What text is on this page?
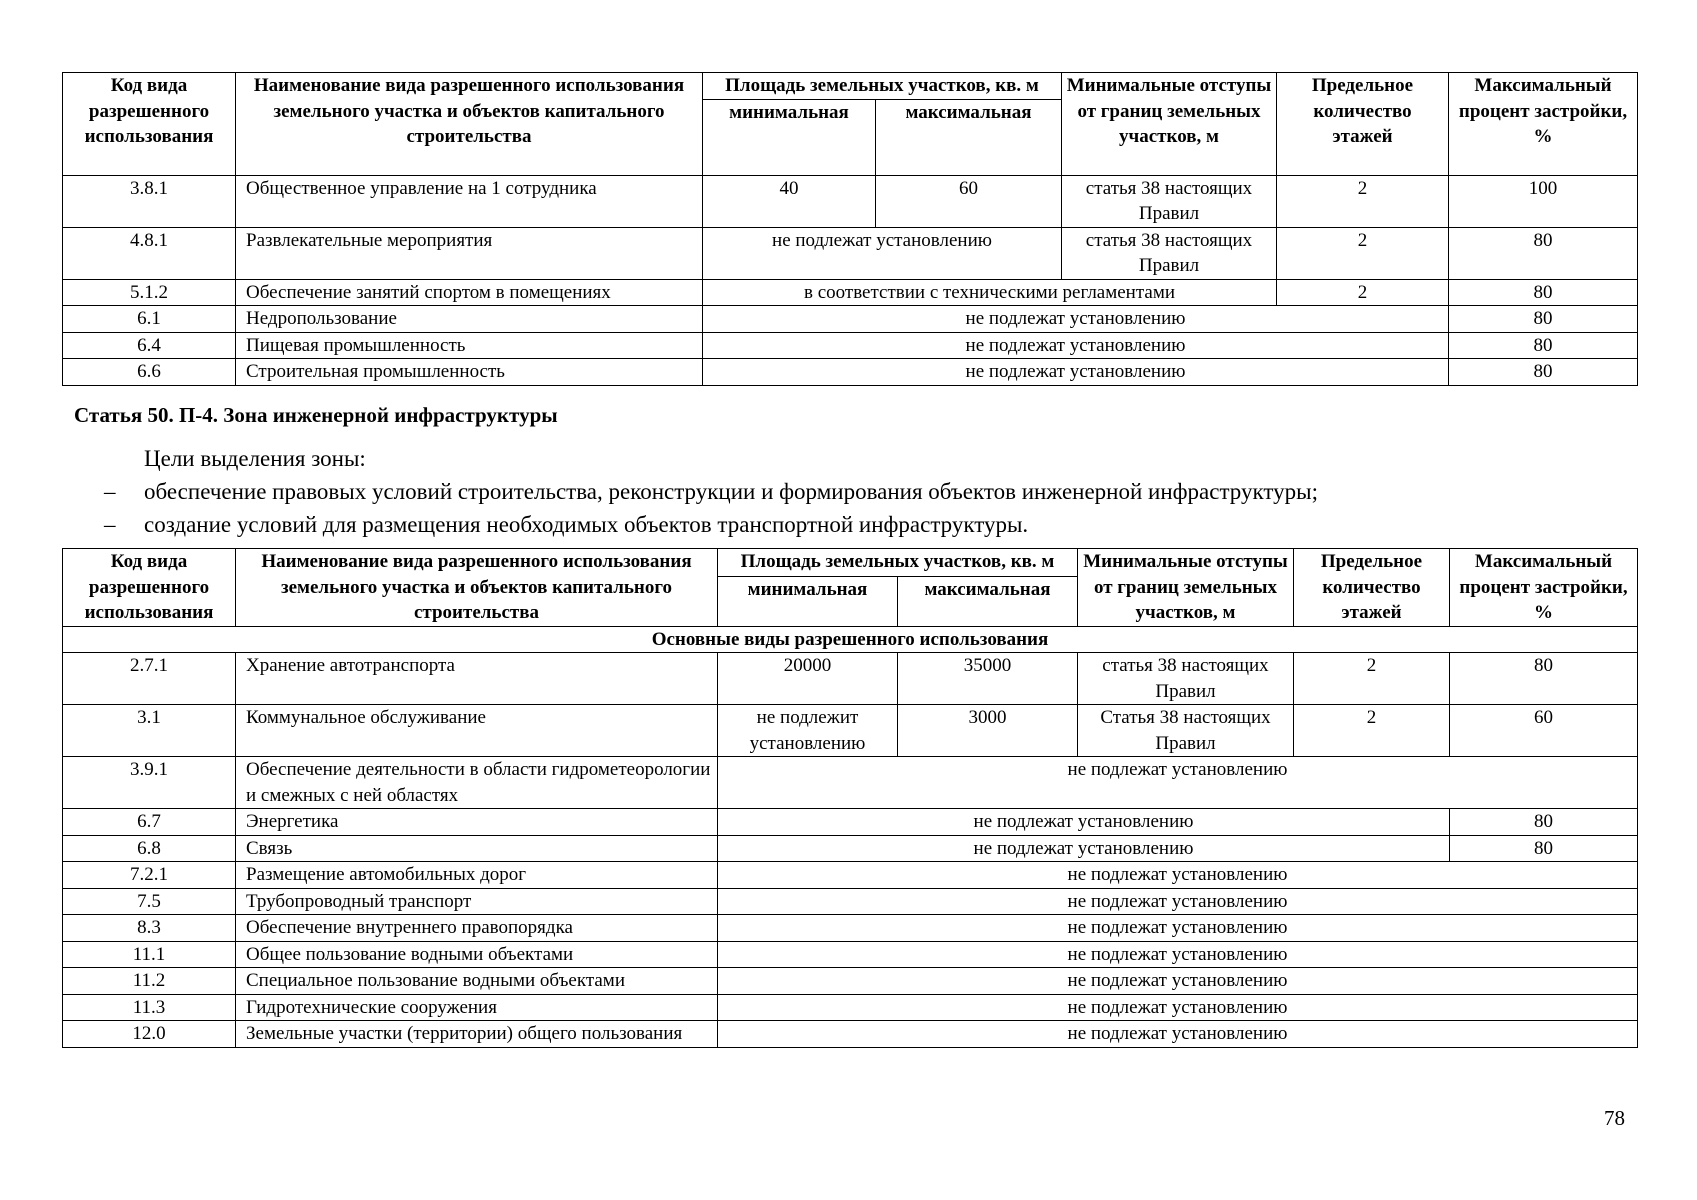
Код вида разрешенного использования	Наименование вида разрешенного использования земельного участка и объектов капитального строительства	Площадь земельных участков, кв. м		Минимальные отступы от границ земельных участков, м	Предельное количество этажей	Максимальный процент застройки, %
		минимальная	максимальная			
3.8.1	Общественное управление на 1 сотрудника	40	60	статья 38 настоящих Правил	2	100
4.8.1	Развлекательные мероприятия	не подлежат установлению		статья 38 настоящих Правил	2	80
5.1.2	Обеспечение занятий спортом в помещениях	в соответствии с техническими регламентами			2	80
6.1	Недропользование	не подлежат установлению				80
6.4	Пищевая промышленность	не подлежат установлению				80
6.6	Строительная промышленность	не подлежат установлению				80
Статья 50. П-4. Зона инженерной инфраструктуры
Цели выделения зоны:
–	обеспечение правовых условий строительства, реконструкции и формирования объектов инженерной инфраструктуры;
–	создание условий для размещения необходимых объектов транспортной инфраструктуры.
Код вида разрешенного использования	Наименование вида разрешенного использования земельного участка и объектов капитального строительства	Площадь земельных участков, кв. м		Минимальные отступы от границ земельных участков, м	Предельное количество этажей	Максимальный процент застройки, %
		минимальная	максимальная			
Основные виды разрешенного использования						
2.7.1	Хранение автотранспорта	20000	35000	статья 38 настоящих Правил	2	80
3.1	Коммунальное обслуживание	не подлежит установлению	3000	Статья 38 настоящих Правил	2	60
3.9.1	Обеспечение деятельности в области гидрометеорологии и смежных с ней областях	не подлежат установлению				
6.7	Энергетика	не подлежат установлению				80
6.8	Связь	не подлежат установлению				80
7.2.1	Размещение автомобильных дорог	не подлежат установлению				
7.5	Трубопроводный транспорт	не подлежат установлению				
8.3	Обеспечение внутреннего правопорядка	не подлежат установлению				
11.1	Общее пользование водными объектами	не подлежат установлению				
11.2	Специальное пользование водными объектами	не подлежат установлению				
11.3	Гидротехнические сооружения	не подлежат установлению				
12.0	Земельные участки (территории) общего пользования	не подлежат установлению				
78
